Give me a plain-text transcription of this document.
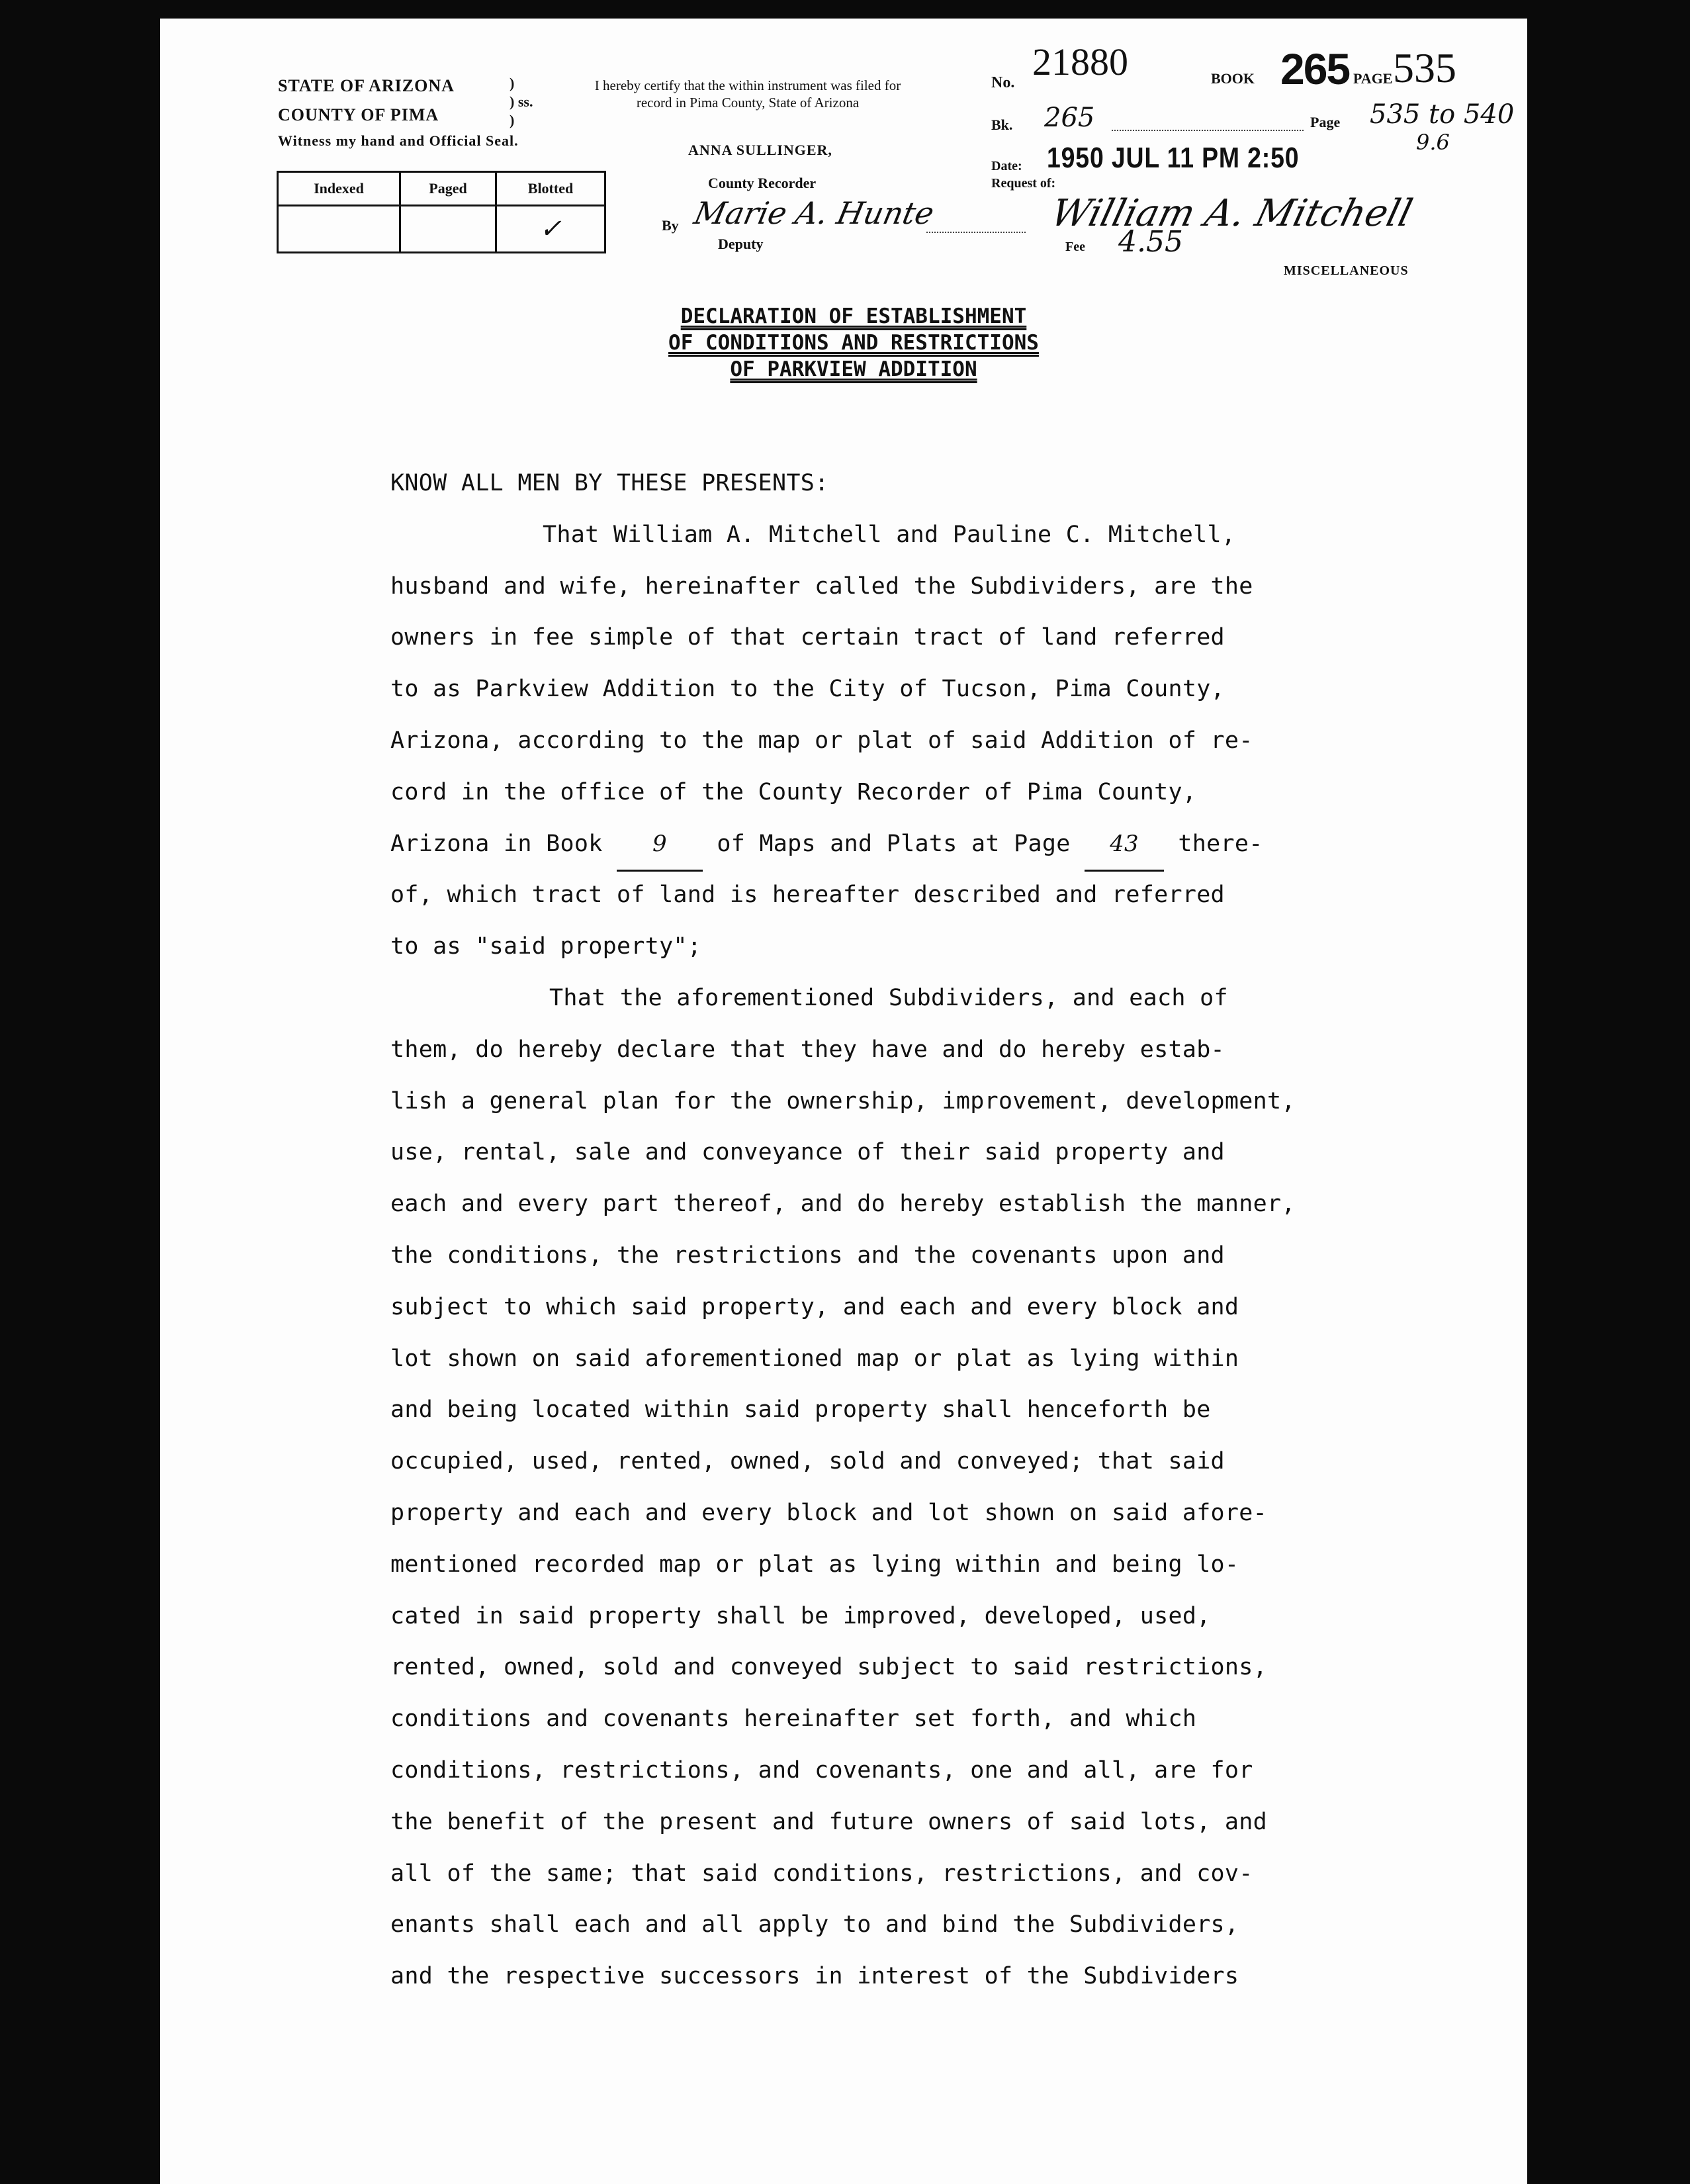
STATE OF ARIZONA
COUNTY OF PIMA
Witness my hand and Official Seal.
)
) ss.
)
Indexed	Paged	Blotted
		✓
I hereby certify that the within instrument was filed for record in Pima County, State of Arizona
ANNA SULLINGER,
County Recorder
By Marie A. Hunte
Deputy
No. 21880	BOOK 265 PAGE 535
Bk. 265	Page 535 to 540
9.6
Date: 1950 JUL 11 PM 2:50
Request of:
William A. Mitchell
Fee 4.55
MISCELLANEOUS
DECLARATION OF ESTABLISHMENT
OF CONDITIONS AND RESTRICTIONS
OF PARKVIEW ADDITION
KNOW ALL MEN BY THESE PRESENTS:
That William A. Mitchell and Pauline C. Mitchell,
husband and wife, hereinafter called the Subdividers, are the
owners in fee simple of that certain tract of land referred
to as Parkview Addition to the City of Tucson, Pima County,
Arizona, according to the map or plat of said Addition of re-
cord in the office of the County Recorder of Pima County,
Arizona in Book 9 of Maps and Plats at Page 43 there-
of, which tract of land is hereafter described and referred
to as "said property";
That the aforementioned Subdividers, and each of
them, do hereby declare that they have and do hereby estab-
lish a general plan for the ownership, improvement, development,
use, rental, sale and conveyance of their said property and
each and every part thereof, and do hereby establish the manner,
the conditions, the restrictions and the covenants upon and
subject to which said property, and each and every block and
lot shown on said aforementioned map or plat as lying within
and being located within said property shall henceforth be
occupied, used, rented, owned, sold and conveyed; that said
property and each and every block and lot shown on said afore-
mentioned recorded map or plat as lying within and being lo-
cated in said property shall be improved, developed, used,
rented, owned, sold and conveyed subject to said restrictions,
conditions and covenants hereinafter set forth, and which
conditions, restrictions, and covenants, one and all, are for
the benefit of the present and future owners of said lots, and
all of the same; that said conditions, restrictions, and cov-
enants shall each and all apply to and bind the Subdividers,
and the respective successors in interest of the Subdividers
